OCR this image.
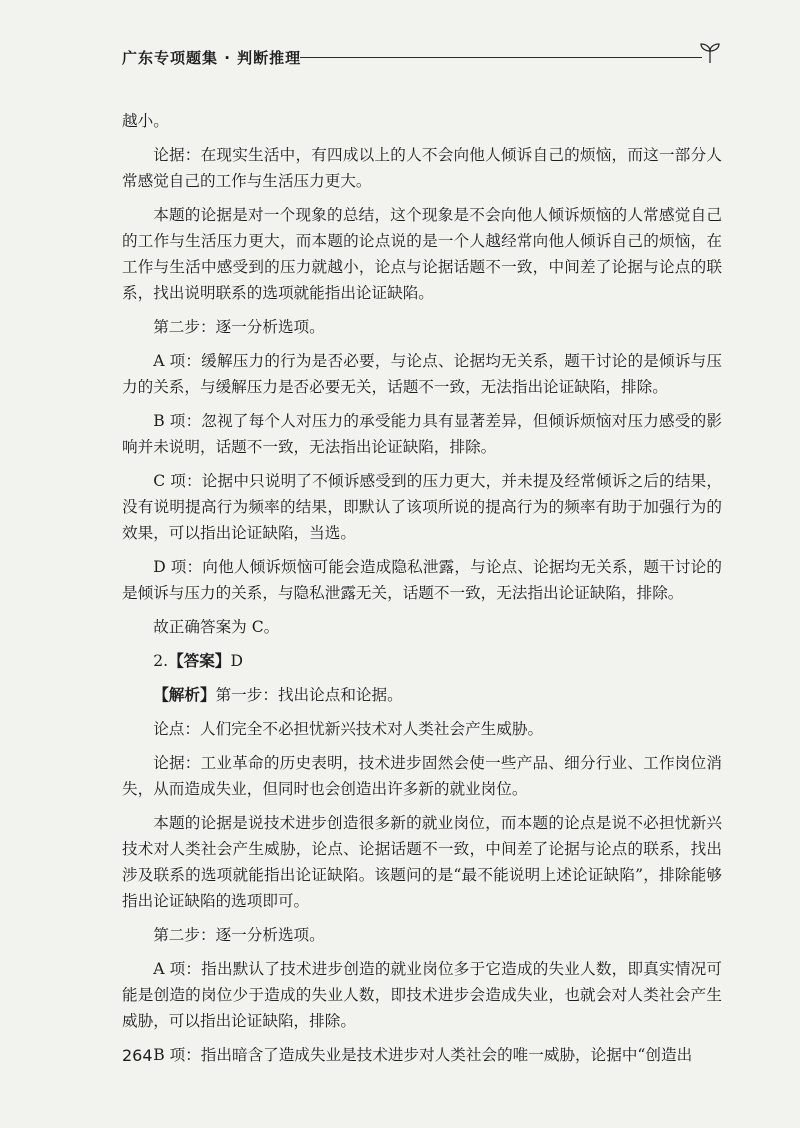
广东专项题集 · 判断推理

越小。

论据：在现实生活中，有四成以上的人不会向他人倾诉自己的烦恼，而这一部分人常感觉自己的工作与生活压力更大。

本题的论据是对一个现象的总结，这个现象是不会向他人倾诉烦恼的人常感觉自己的工作与生活压力更大，而本题的论点说的是一个人越经常向他人倾诉自己的烦恼，在工作与生活中感受到的压力就越小，论点与论据话题不一致，中间差了论据与论点的联系，找出说明联系的选项就能指出论证缺陷。

第二步：逐一分析选项。

A 项：缓解压力的行为是否必要，与论点、论据均无关系，题干讨论的是倾诉与压力的关系，与缓解压力是否必要无关，话题不一致，无法指出论证缺陷，排除。

B 项：忽视了每个人对压力的承受能力具有显著差异，但倾诉烦恼对压力感受的影响并未说明，话题不一致，无法指出论证缺陷，排除。

C 项：论据中只说明了不倾诉感受到的压力更大，并未提及经常倾诉之后的结果，没有说明提高行为频率的结果，即默认了该项所说的提高行为的频率有助于加强行为的效果，可以指出论证缺陷，当选。

D 项：向他人倾诉烦恼可能会造成隐私泄露，与论点、论据均无关系，题干讨论的是倾诉与压力的关系，与隐私泄露无关，话题不一致，无法指出论证缺陷，排除。

故正确答案为 C。

2.【答案】D

【解析】第一步：找出论点和论据。

论点：人们完全不必担忧新兴技术对人类社会产生威胁。

论据：工业革命的历史表明，技术进步固然会使一些产品、细分行业、工作岗位消失，从而造成失业，但同时也会创造出许多新的就业岗位。

本题的论据是说技术进步创造很多新的就业岗位，而本题的论点是说不必担忧新兴技术对人类社会产生威胁，论点、论据话题不一致，中间差了论据与论点的联系，找出涉及联系的选项就能指出论证缺陷。该题问的是“最不能说明上述论证缺陷”，排除能够指出论证缺陷的选项即可。

第二步：逐一分析选项。

A 项：指出默认了技术进步创造的就业岗位多于它造成的失业人数，即真实情况可能是创造的岗位少于造成的失业人数，即技术进步会造成失业，也就会对人类社会产生威胁，可以指出论证缺陷，排除。

B 项：指出暗含了造成失业是技术进步对人类社会的唯一威胁，论据中“创造出

264
